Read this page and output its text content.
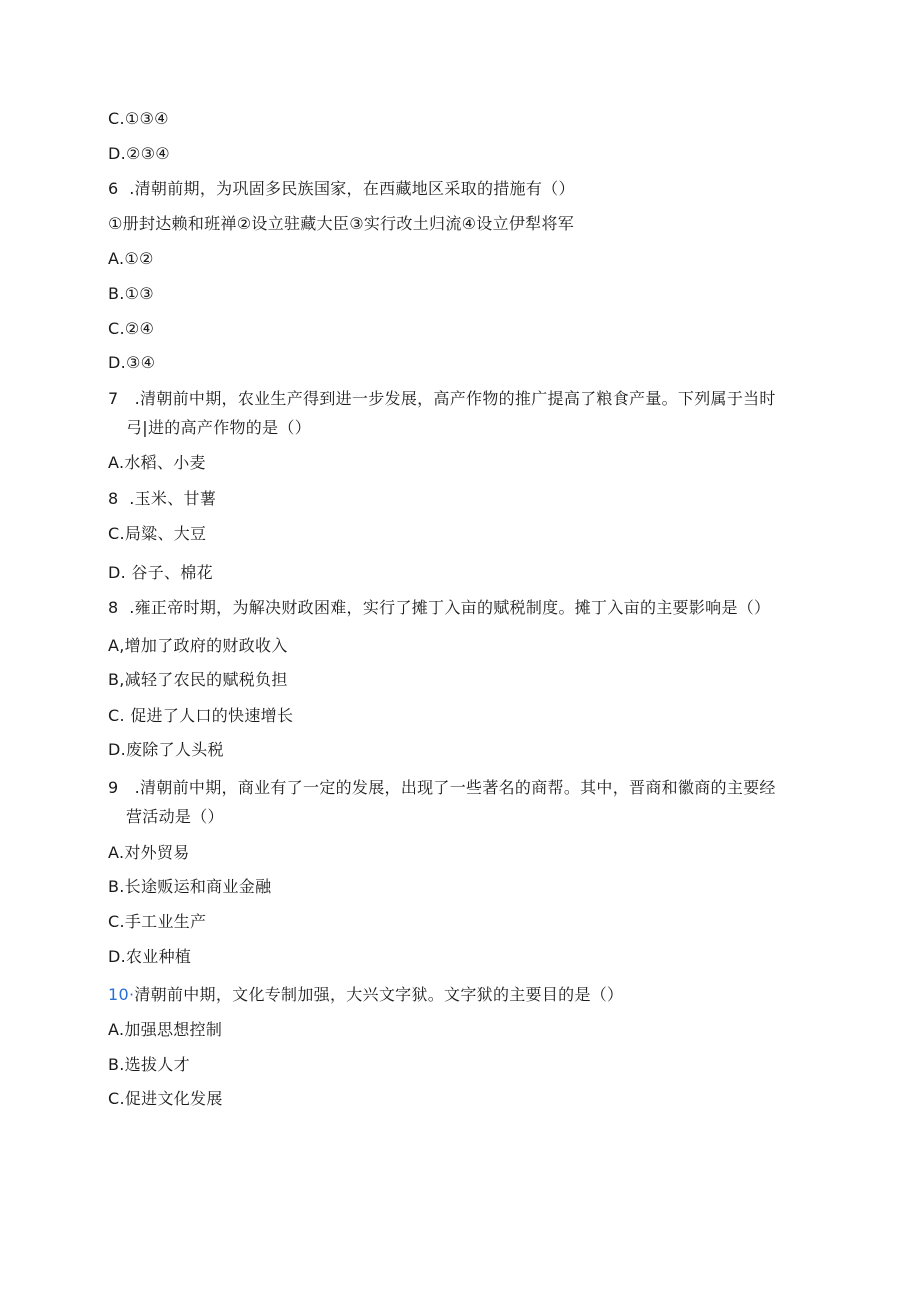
C.①③④
D.②③④
6  .清朝前期，为巩固多民族国家，在西藏地区采取的措施有（）
①册封达赖和班禅②设立驻藏大臣③实行改土归流④设立伊犁将军
A.①②
B.①③
C.②④
D.③④
7   .清朝前中期，农业生产得到进一步发展，高产作物的推广提高了粮食产量。下列属于当时
弓|进的高产作物的是（）
A.水稻、小麦
8  .玉米、甘薯
C.局粱、大豆
D. 谷子、棉花
8  .雍正帝时期，为解决财政困难，实行了摊丁入亩的赋税制度。摊丁入亩的主要影响是（）
A,增加了政府的财政收入
B,减轻了农民的赋税负担
C. 促进了人口的快速增长
D.废除了人头税
9   .清朝前中期，商业有了一定的发展，出现了一些著名的商帮。其中，晋商和徽商的主要经
营活动是（）
A.对外贸易
B.长途贩运和商业金融
C.手工业生产
D.农业种植
10·清朝前中期，文化专制加强，大兴文字狱。文字狱的主要目的是（）
A.加强思想控制
B.选拔人才
C.促进文化发展
